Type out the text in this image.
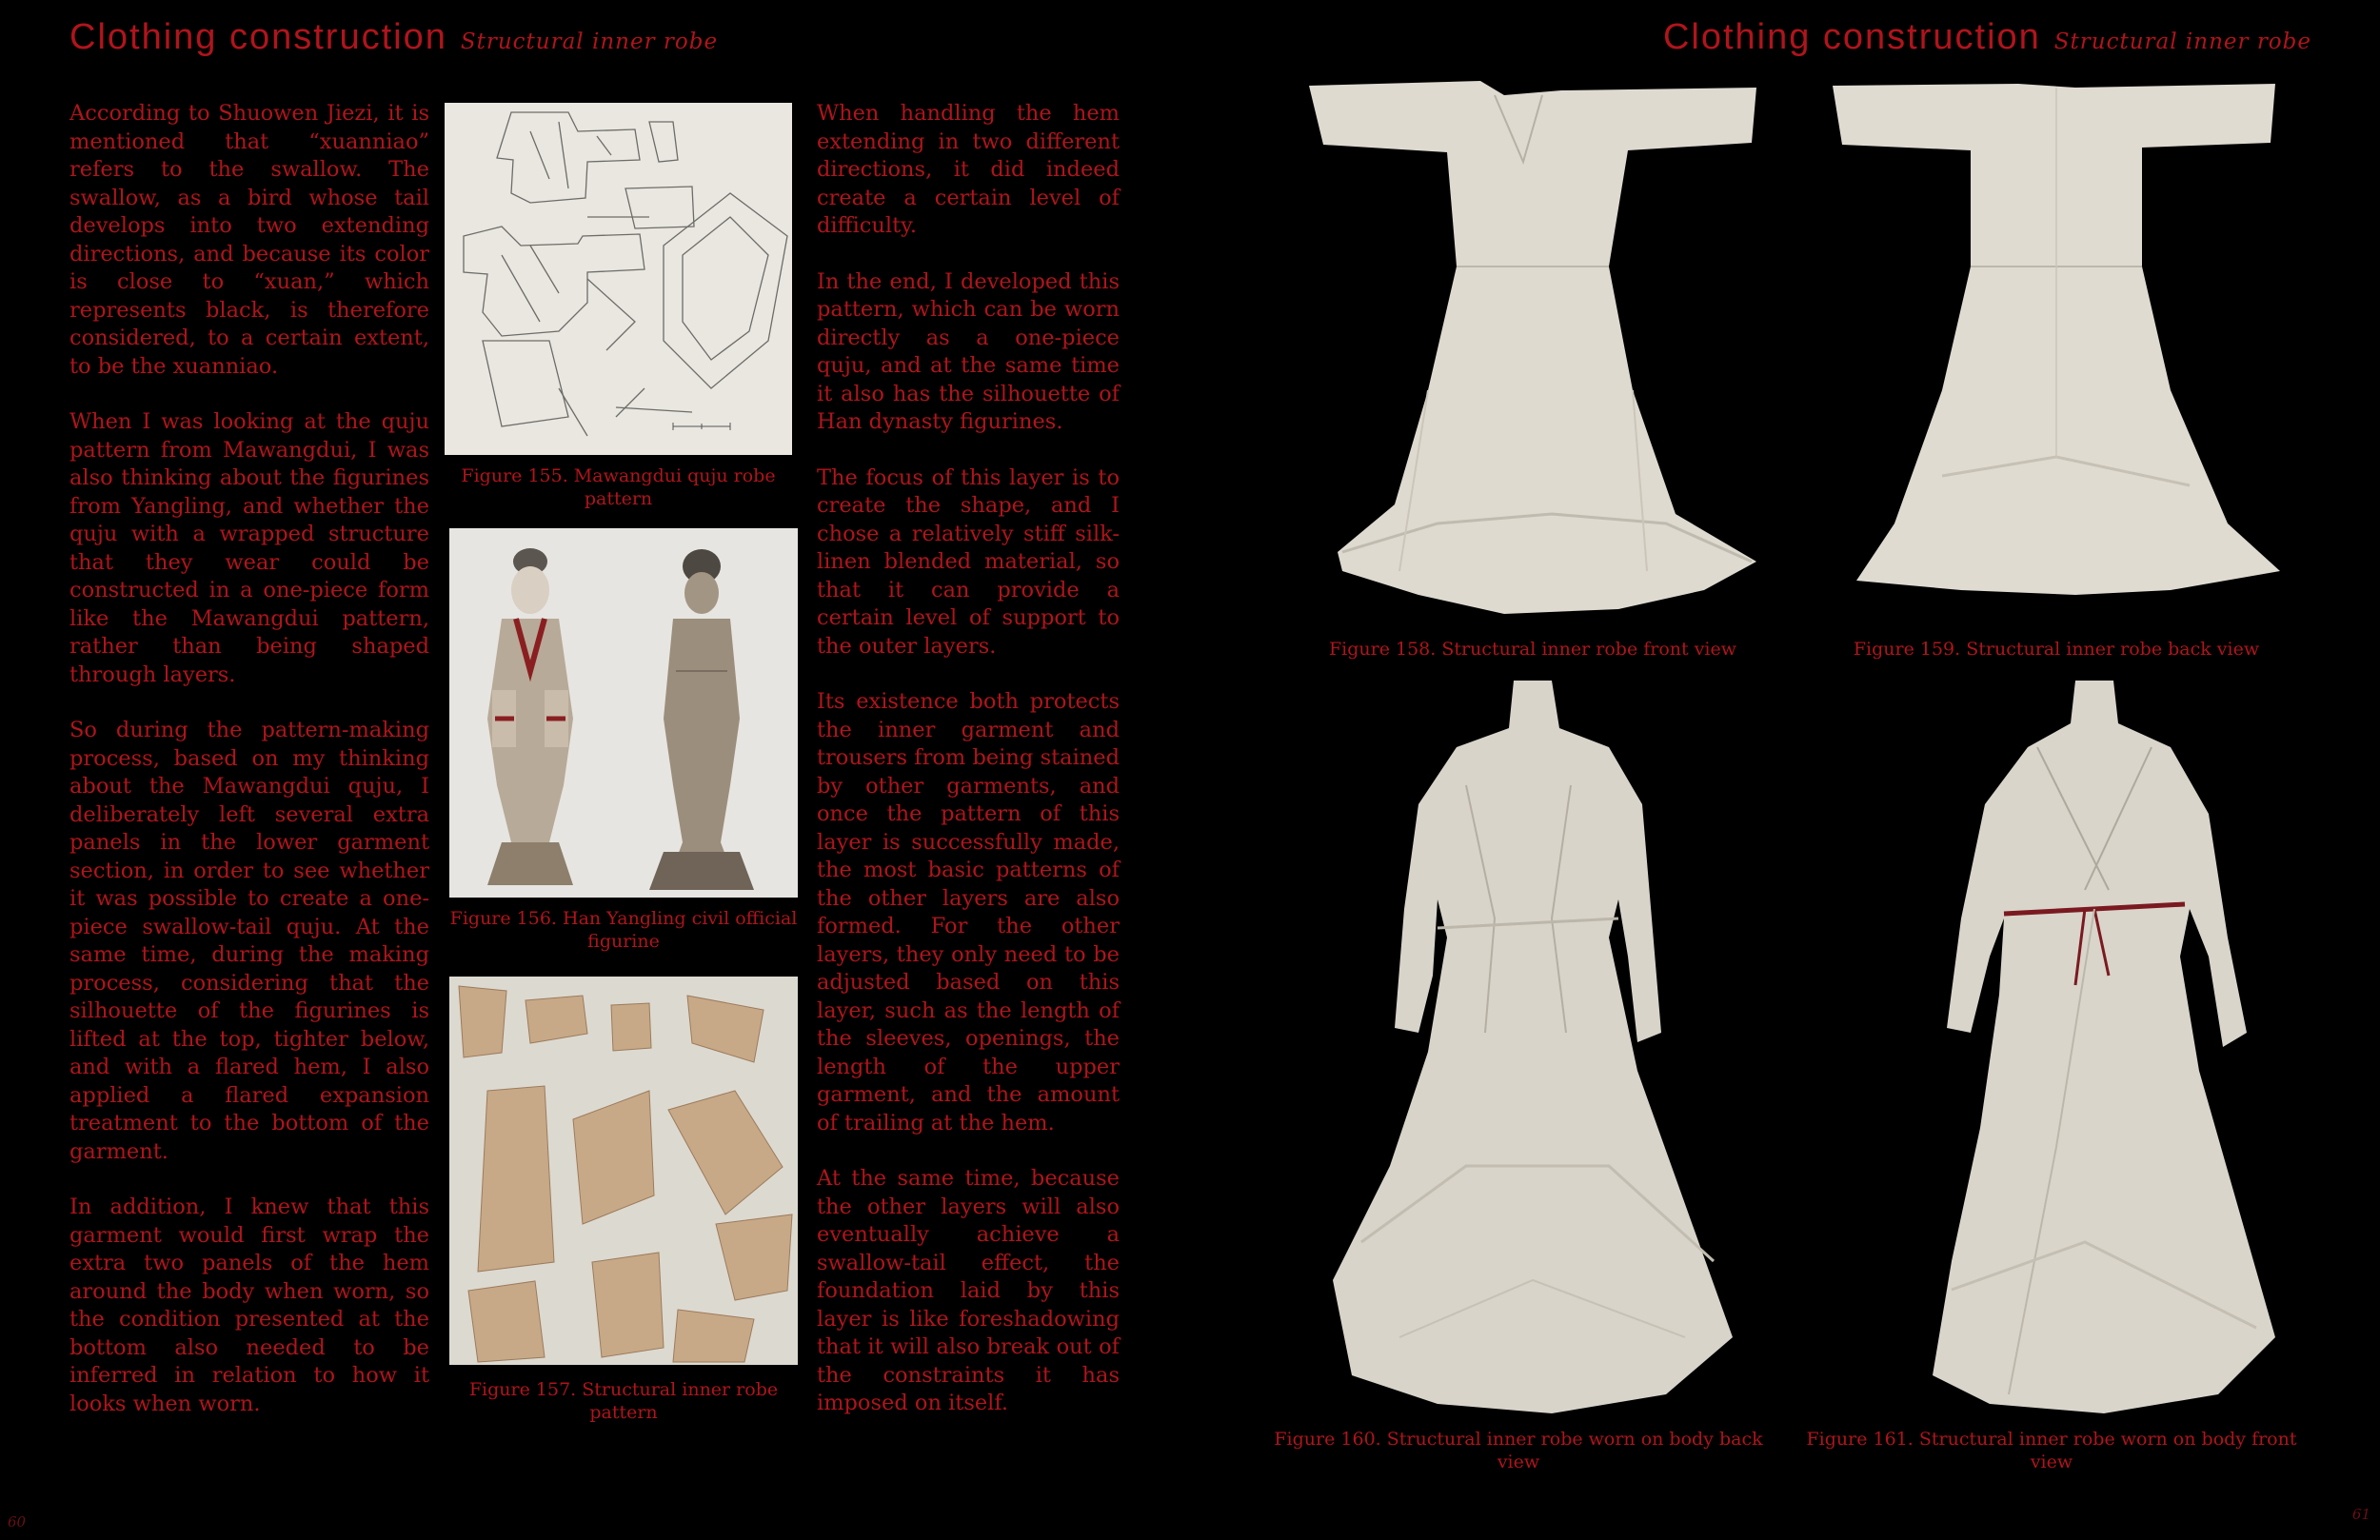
Clothing construction Structural inner robe

According to Shuowen Jiezi, it is mentioned that “xuanniao” refers to the swallow. The swallow, as a bird whose tail develops into two extending directions, and because its color is close to “xuan,” which represents black, is therefore considered, to a certain extent, to be the xuanniao.

When I was looking at the quju pattern from Mawangdui, I was also thinking about the figurines from Yangling, and whether the quju with a wrapped structure that they wear could be constructed in a one-piece form like the Mawangdui pattern, rather than being shaped through layers.

So during the pattern-making process, based on my thinking about the Mawangdui quju, I deliberately left several extra panels in the lower garment section, in order to see whether it was possible to create a one-piece swallow-tail quju. At the same time, during the making process, considering that the silhouette of the figurines is lifted at the top, tighter below, and with a flared hem, I also applied a flared expansion treatment to the bottom of the garment.

In addition, I knew that this garment would first wrap the extra two panels of the hem around the body when worn, so the condition presented at the bottom also needed to be inferred in relation to how it looks when worn.

Figure 155. Mawangdui quju robe pattern
Figure 156. Han Yangling civil official figurine
Figure 157. Structural inner robe pattern

When handling the hem extending in two different directions, it did indeed create a certain level of difficulty.

In the end, I developed this pattern, which can be worn directly as a one-piece quju, and at the same time it also has the silhouette of Han dynasty figurines.

The focus of this layer is to create the shape, and I chose a relatively stiff silk-linen blended material, so that it can provide a certain level of support to the outer layers.

Its existence both protects the inner garment and trousers from being stained by other garments, and once the pattern of this layer is successfully made, the most basic patterns of the other layers are also formed. For the other layers, they only need to be adjusted based on this layer, such as the length of the sleeves, openings, the length of the upper garment, and the amount of trailing at the hem.

At the same time, because the other layers will also eventually achieve a swallow-tail effect, the foundation laid by this layer is like foreshadowing that it will also break out of the constraints it has imposed on itself.

60
Clothing construction Structural inner robe
Figure 158. Structural inner robe front view	Figure 159. Structural inner robe back view
Figure 160. Structural inner robe worn on body back view
Figure 161. Structural inner robe worn on body front view
61
